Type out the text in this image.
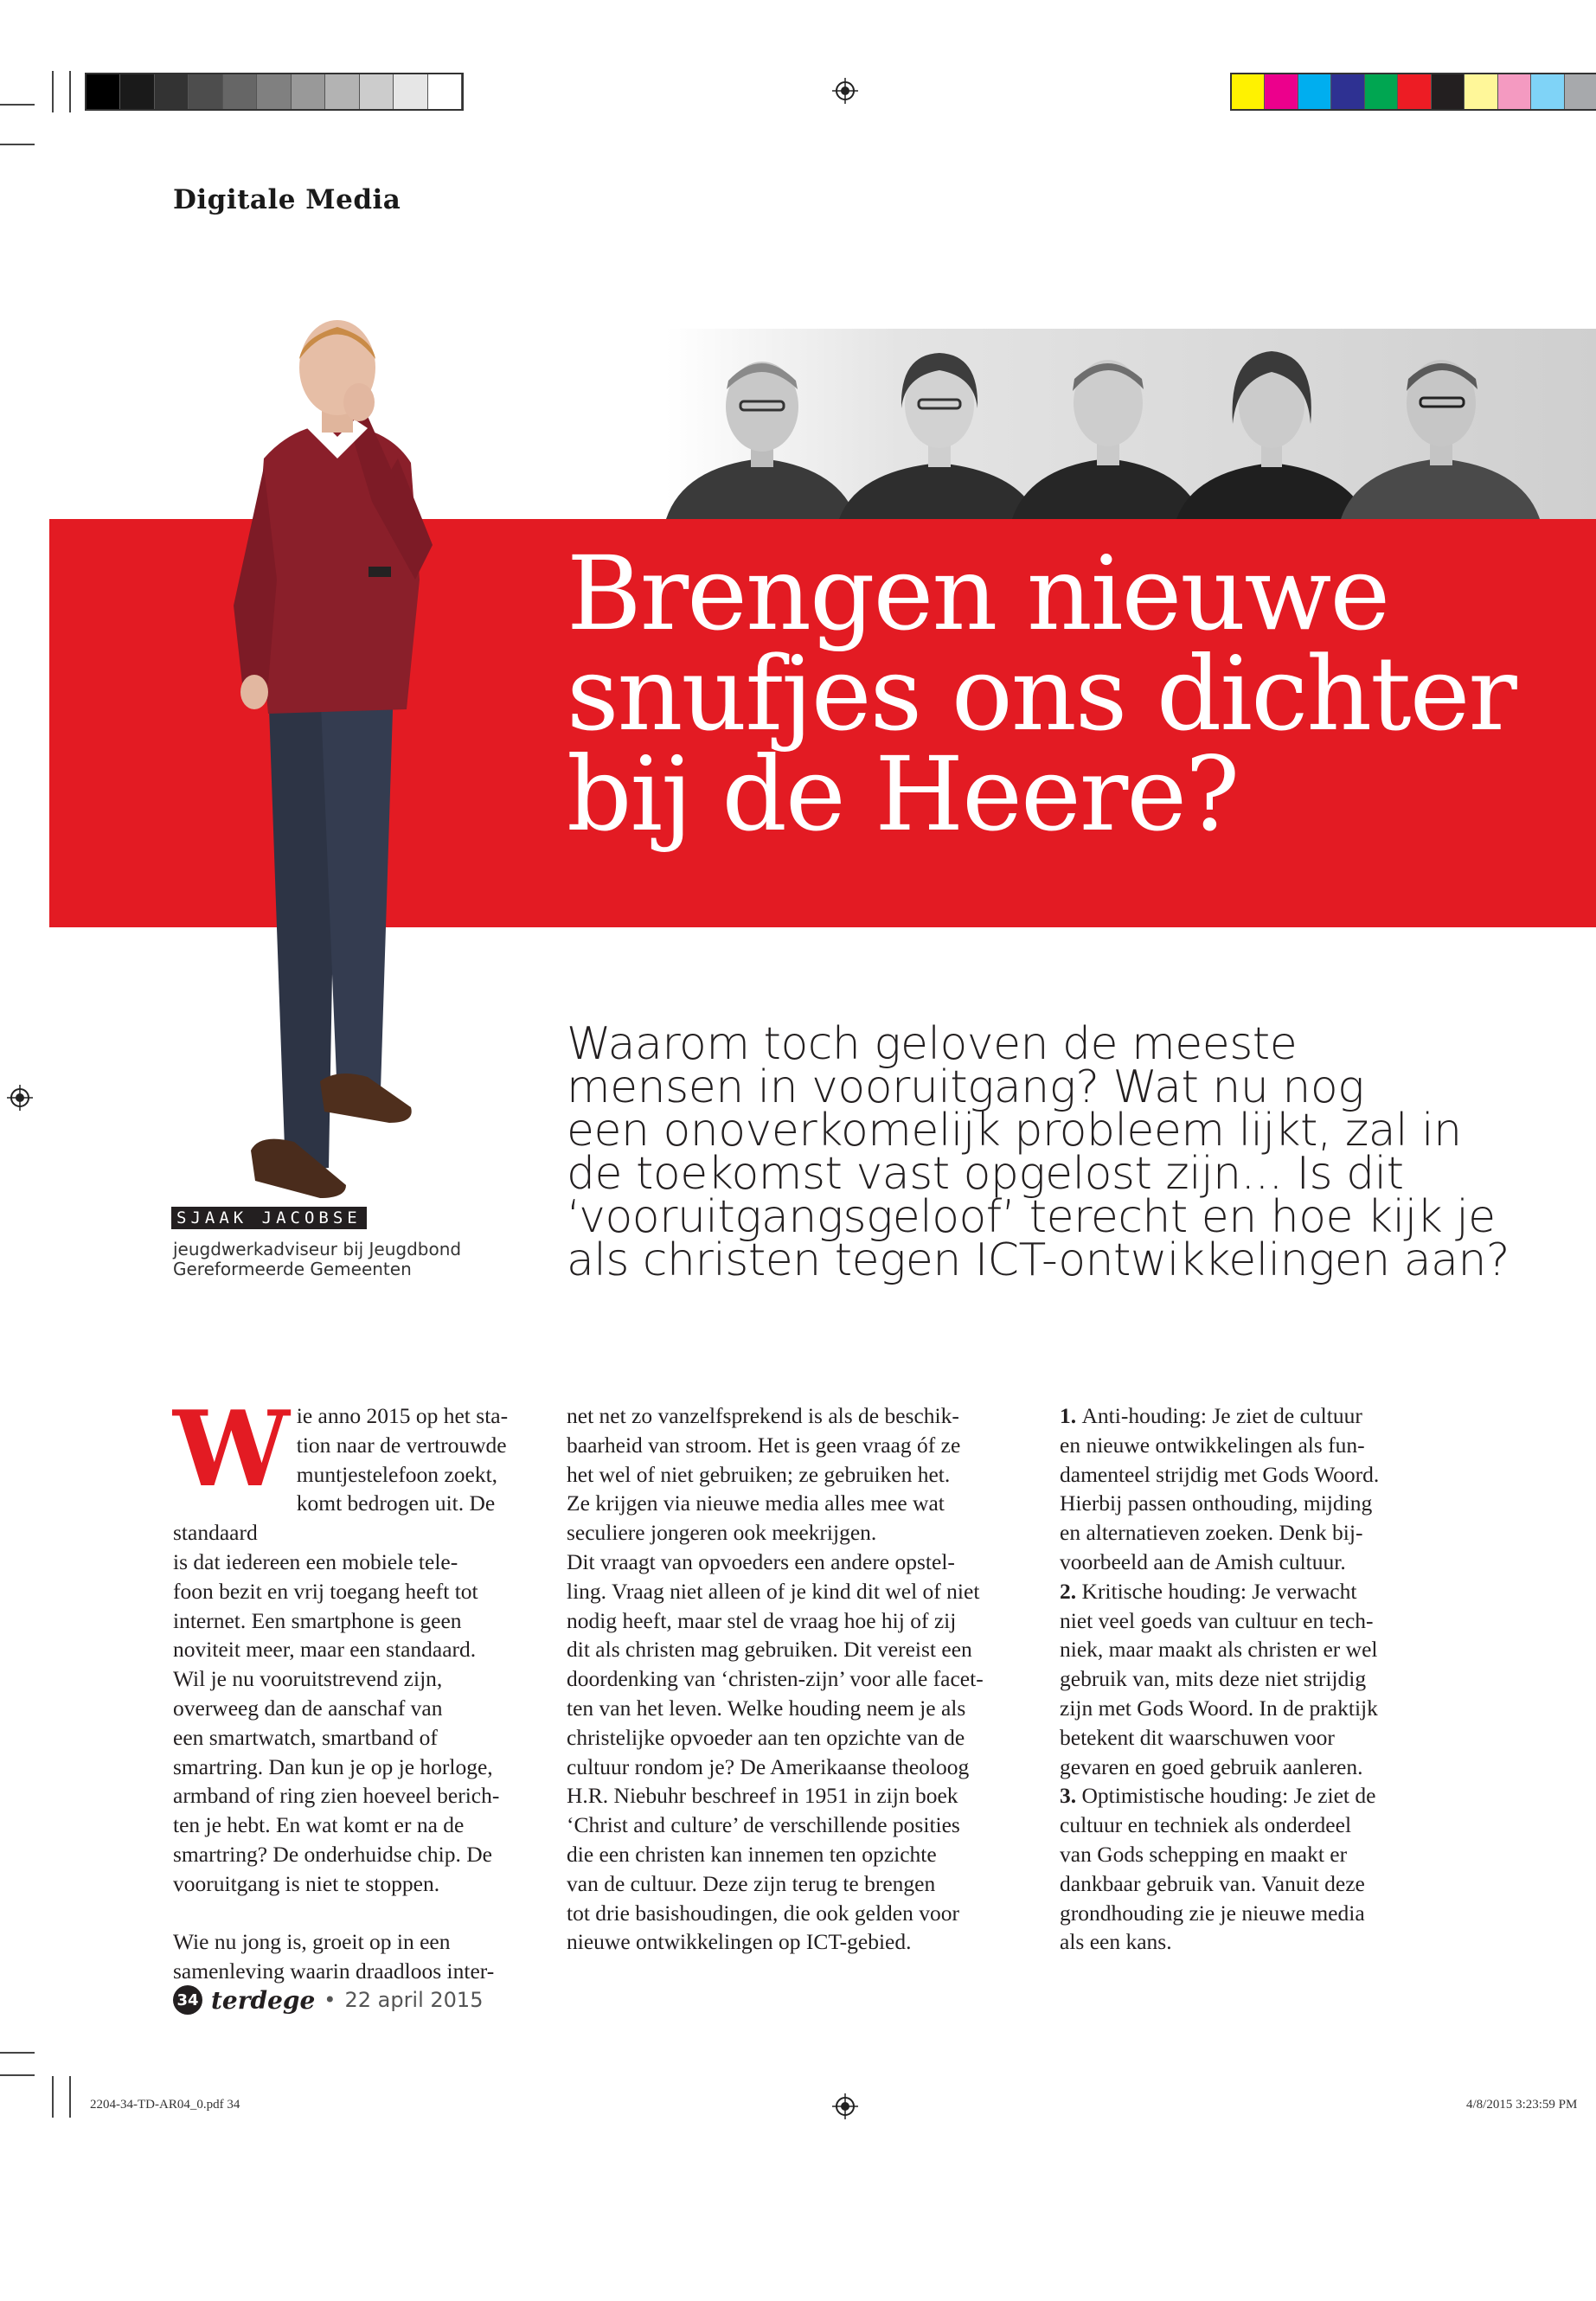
Digitale Media
Brengen nieuwe
snufjes ons dichter
bij de Heere?
Waarom toch geloven de meeste
mensen in vooruitgang? Wat nu nog
een onoverkomelijk probleem lijkt, zal in
de toekomst vast opgelost zijn... Is dit
‘vooruitgangsgeloof’ terecht en hoe kijk je
als christen tegen ICT-ontwikkelingen aan?
SJAAK JACOBSE
jeugdwerkadviseur bij Jeugdbond
Gereformeerde Gemeenten
W ie anno 2015 op het sta-
tion naar de vertrouwde
muntjestelefoon zoekt,
komt bedrogen uit. De standaard
is dat iedereen een mobiele tele-
foon bezit en vrij toegang heeft tot
internet. Een smartphone is geen
noviteit meer, maar een standaard.
Wil je nu vooruitstrevend zijn,
overweeg dan de aanschaf van
een smartwatch, smartband of
smartring. Dan kun je op je horloge,
armband of ring zien hoeveel berich-
ten je hebt. En wat komt er na de
smartring? De onderhuidse chip. De
vooruitgang is niet te stoppen.
Wie nu jong is, groeit op in een
samenleving waarin draadloos inter-
net net zo vanzelfsprekend is als de beschik-
baarheid van stroom. Het is geen vraag óf ze
het wel of niet gebruiken; ze gebruiken het.
Ze krijgen via nieuwe media alles mee wat
seculiere jongeren ook meekrijgen.
Dit vraagt van opvoeders een andere opstel-
ling. Vraag niet alleen of je kind dit wel of niet
nodig heeft, maar stel de vraag hoe hij of zij
dit als christen mag gebruiken. Dit vereist een
doordenking van ‘christen-zijn’ voor alle facet-
ten van het leven. Welke houding neem je als
christelijke opvoeder aan ten opzichte van de
cultuur rondom je? De Amerikaanse theoloog
H.R. Niebuhr beschreef in 1951 in zijn boek
‘Christ and culture’ de verschillende posities
die een christen kan innemen ten opzichte
van de cultuur. Deze zijn terug te brengen
tot drie basishoudingen, die ook gelden voor
nieuwe ontwikkelingen op ICT-gebied.
1. Anti-houding: Je ziet de cultuur
en nieuwe ontwikkelingen als fun-
damenteel strijdig met Gods Woord.
Hierbij passen onthouding, mijding
en alternatieven zoeken. Denk bij-
voorbeeld aan de Amish cultuur.
2. Kritische houding: Je verwacht
niet veel goeds van cultuur en tech-
niek, maar maakt als christen er wel
gebruik van, mits deze niet strijdig
zijn met Gods Woord. In de praktijk
betekent dit waarschuwen voor
gevaren en goed gebruik aanleren.
3. Optimistische houding: Je ziet de
cultuur en techniek als onderdeel
van Gods schepping en maakt er
dankbaar gebruik van. Vanuit deze
grondhouding zie je nieuwe media
als een kans.
34 terdege • 22 april 2015
2204-34-TD-AR04_0.pdf 34	4/8/2015 3:23:59 PM
